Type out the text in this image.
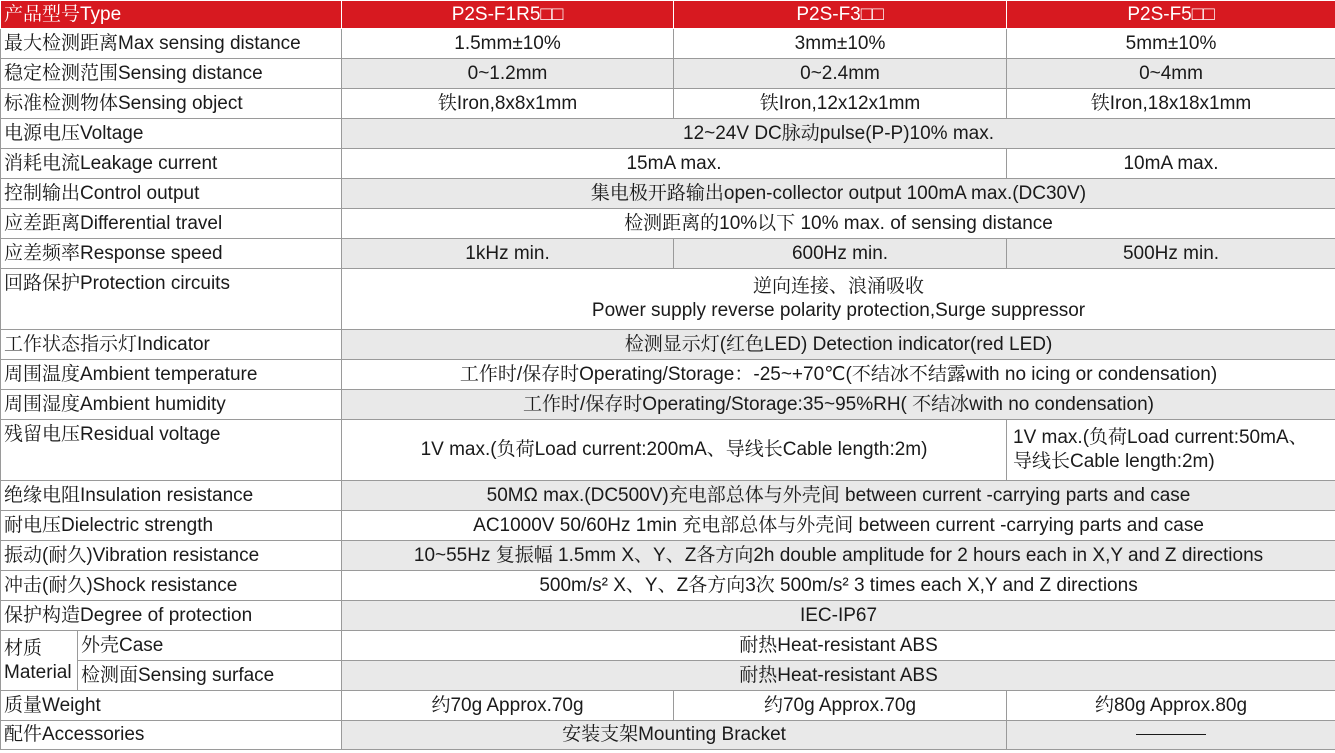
产品型号Type		P2S-F1R5□□	P2S-F3□□	P2S-F5□□
最大检测距离Max sensing distance		1.5mm±10%	3mm±10%	5mm±10%
稳定检测范围Sensing distance		0~1.2mm	0~2.4mm	0~4mm
标准检测物体Sensing object		铁Iron,8x8x1mm	铁Iron,12x12x1mm	铁Iron,18x18x1mm
电源电压Voltage		12~24V DC脉动pulse(P-P)10% max.		
消耗电流Leakage current		15mA max.		10mA max.
控制输出Control output		集电极开路输出open-collector output 100mA max.(DC30V)		
应差距离Differential travel		检测距离的10%以下 10% max. of sensing distance		
应差频率Response speed		1kHz min.	600Hz min.	500Hz min.
回路保护Protection circuits		逆向连接、浪涌吸收
Power supply reverse polarity protection,Surge suppressor		

工作状态指示灯Indicator		检测显示灯(红色LED) Detection indicator(red LED)		
周围温度Ambient temperature		工作时/保存时Operating/Storage：-25~+70℃(不结冰不结露with no icing or condensation)		
周围湿度Ambient humidity		工作时/保存时Operating/Storage:35~95%RH( 不结冰with no condensation)		
残留电压Residual voltage		1V max.(负荷Load current:200mA、导线长Cable length:2m)		1V max.(负荷Load current:50mA、
导线长Cable length:2m)

绝缘电阻Insulation resistance		50MΩ max.(DC500V)充电部总体与外壳间 between current -carrying parts and case		
耐电压Dielectric strength		AC1000V 50/60Hz 1min 充电部总体与外壳间 between current -carrying parts and case		
振动(耐久)Vibration resistance		10~55Hz 复振幅 1.5mm X、Y、Z各方向2h double amplitude for 2 hours each in X,Y and Z directions		
冲击(耐久)Shock resistance		500m/s² X、Y、Z各方向3次 500m/s² 3 times each X,Y and Z directions		
保护构造Degree of protection		IEC-IP67		

材质
Material	外壳Case	耐热Heat-resistant ABS		
	检测面Sensing surface	耐热Heat-resistant ABS		
质量Weight		约70g Approx.70g	约70g Approx.70g	约80g Approx.80g
配件Accessories		安装支架Mounting Bracket		
